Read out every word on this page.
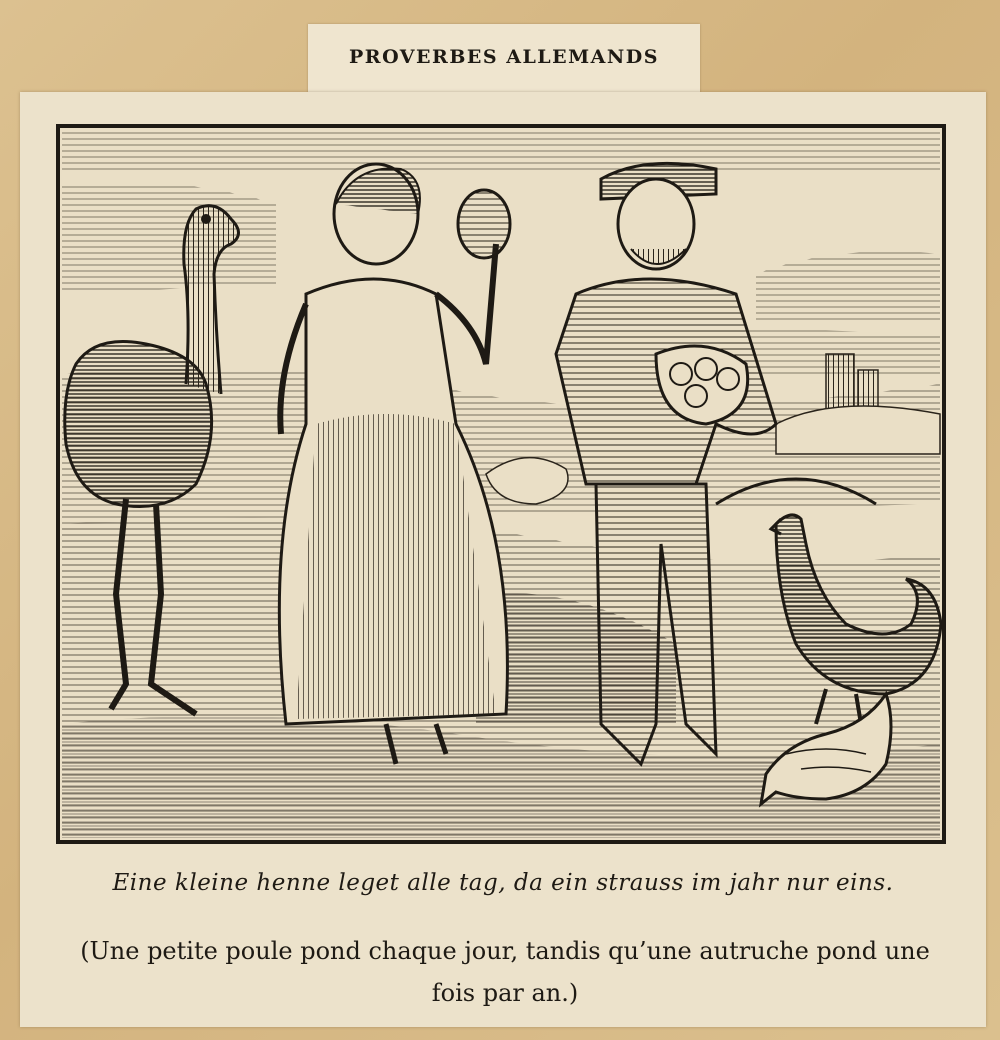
PROVERBES ALLEMANDS
Eine kleine henne leget alle tag, da ein strauss im jahr nur eins.
(Une petite poule pond chaque jour, tandis qu’une autruche pond une fois par an.)
